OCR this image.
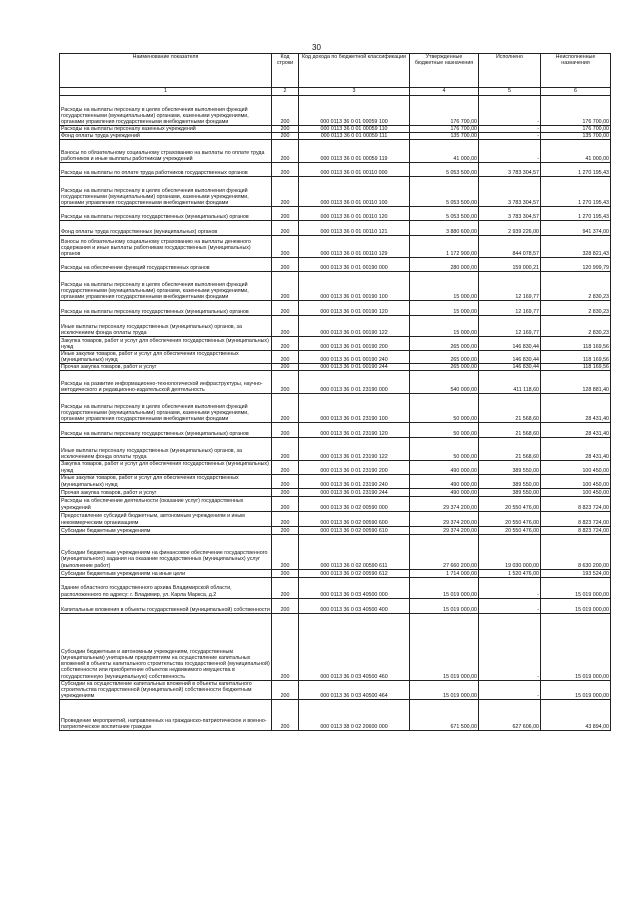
30
Наименование показателя	Код строки	Код дохода по бюджетной классификации	Утвержденные бюджетные назначения	Исполнено	Неисполненные назначения
1	2	3	4	5	6
Расходы на выплаты персоналу в целях обеспечения выполнения функций государственными (муниципальными) органами, казенными учреждениями, органами управления государственными внебюджетными фондами	200	000 0113 36 0 01 00059 100	176 700,00	-	176 700,00
Расходы на выплаты персоналу казенных учреждений	200	000 0113 36 0 01 00059 110	176 700,00	-	176 700,00
Фонд оплаты труда учреждений	200	000 0113 36 0 01 00059 111	135 700,00	-	135 700,00
Взносы по обязательному социальному страхованию на выплаты по оплате труда работников и иные выплаты работникам учреждений	200	000 0113 36 0 01 00059 119	41 000,00	-	41 000,00
Расходы на выплаты по оплате труда работников государственных органов	200	000 0113 36 0 01 00110 000	5 053 500,00	3 783 304,57	1 270 195,43
Расходы на выплаты персоналу в целях обеспечения выполнения функций государственными (муниципальными) органами, казенными учреждениями, органами управления государственными внебюджетными фондами	200	000 0113 36 0 01 00110 100	5 053 500,00	3 783 304,57	1 270 195,43
Расходы на выплаты персоналу государственных (муниципальных) органов	200	000 0113 36 0 01 00110 120	5 053 500,00	3 783 304,57	1 270 195,43
Фонд оплаты труда государственных (муниципальных) органов	200	000 0113 36 0 01 00110 121	3 880 600,00	2 939 226,00	941 374,00
Взносы по обязательному социальному страхованию на выплаты денежного содержания и иные выплаты работникам государственных (муниципальных) органов	200	000 0113 36 0 01 00110 129	1 172 900,00	844 078,57	328 821,43
Расходы на обеспечение функций государственных органов	200	000 0113 36 0 01 00190 000	280 000,00	159 000,21	120 999,79
Расходы на выплаты персоналу в целях обеспечения выполнения функций государственными (муниципальными) органами, казенными учреждениями, органами управления государственными внебюджетными фондами	200	000 0113 36 0 01 00190 100	15 000,00	12 169,77	2 830,23
Расходы на выплаты персоналу государственных (муниципальных) органов	200	000 0113 36 0 01 00190 120	15 000,00	12 169,77	2 830,23
Иные выплаты персоналу государственных (муниципальных) органов, за исключением фонда оплаты труда	200	000 0113 36 0 01 00190 122	15 000,00	12 169,77	2 830,23
Закупка товаров, работ и услуг для обеспечения государственных (муниципальных) нужд	200	000 0113 36 0 01 00190 200	265 000,00	146 830,44	118 169,56
Иные закупки товаров, работ и услуг для обеспечения государственных (муниципальных) нужд	200	000 0113 36 0 01 00190 240	265 000,00	146 830,44	118 169,56
Прочая закупка товаров, работ и услуг	200	000 0113 36 0 01 00190 244	265 000,00	146 830,44	118 169,56
Расходы на развитие информационно-технологической инфраструктуры, научно-методического и редакционно-издательской деятельность	200	000 0113 36 0 01 23190 000	540 000,00	411 118,60	128 881,40
Расходы на выплаты персоналу в целях обеспечения выполнения функций государственными (муниципальными) органами, казенными учреждениями, органами управления государственными внебюджетными фондами	200	000 0113 36 0 01 23190 100	50 000,00	21 568,60	28 431,40
Расходы на выплаты персоналу государственных (муниципальных) органов	200	000 0113 36 0 01 23190 120	50 000,00	21 568,60	28 431,40
Иные выплаты персоналу государственных (муниципальных) органов, за исключением фонда оплаты труда	200	000 0113 36 0 01 23190 122	50 000,00	21 568,60	28 431,40
Закупка товаров, работ и услуг для обеспечения государственных (муниципальных) нужд	200	000 0113 36 0 01 23190 200	490 000,00	389 550,00	100 450,00
Иные закупки товаров, работ и услуг для обеспечения государственных (муниципальных) нужд	200	000 0113 36 0 01 23190 240	490 000,00	389 550,00	100 450,00
Прочая закупка товаров, работ и услуг	200	000 0113 36 0 01 23190 244	490 000,00	389 550,00	100 450,00
Расходы на обеспечение деятельности (оказание услуг) государственных учреждений	200	000 0113 36 0 02 00590 000	29 374 200,00	20 550 476,00	8 823 724,00
Предоставление субсидий бюджетным, автономным учреждениям и иным некоммерческим организациям	200	000 0113 36 0 02 00590 600	29 374 200,00	20 550 476,00	8 823 724,00
Субсидии бюджетным учреждениям	200	000 0113 36 0 02 00590 610	29 374 200,00	20 550 476,00	8 823 724,00
Субсидии бюджетным учреждениям на финансовое обеспечение государственного (муниципального) задания на оказание государственных (муниципальных) услуг (выполнение работ)	200	000 0113 36 0 02 00590 611	27 660 200,00	19 030 000,00	8 630 200,00
Субсидии бюджетным учреждениям на иные цели	200	000 0113 36 0 02 00590 612	1 714 000,00	1 520 476,00	193 524,00
Здание областного государственного архива Владимирской области, расположенного по адресу: г. Владимир, ул. Карла Маркса, д.2	200	000 0113 36 0 03 40500 000	15 019 000,00	-	15 019 000,00
Капитальные вложения в объекты государственной (муниципальной) собственности	200	000 0113 36 0 03 40500 400	15 019 000,00	-	15 019 000,00
Субсидии бюджетным и автономным учреждениям, государственным (муниципальным) унитарным предприятиям на осуществление капитальных вложений в объекты капитального строительства государственной (муниципальной) собственности или приобретение объектов недвижимого имущества в государственную (муниципальную) собственность	200	000 0113 36 0 03 40500 460	15 019 000,00	-	15 019 000,00
Субсидии на осуществление капитальных вложений в объекты капитального строительства государственной (муниципальной) собственности бюджетным учреждениям	200	000 0113 36 0 03 40500 464	15 019 000,00	-	15 019 000,00
Проведение мероприятий, направленных на гражданско-патриотическое и военно-патриотическое воспитание граждан	200	000 0113 38 0 02 20600 000	671 500,00	627 606,00	43 894,00
